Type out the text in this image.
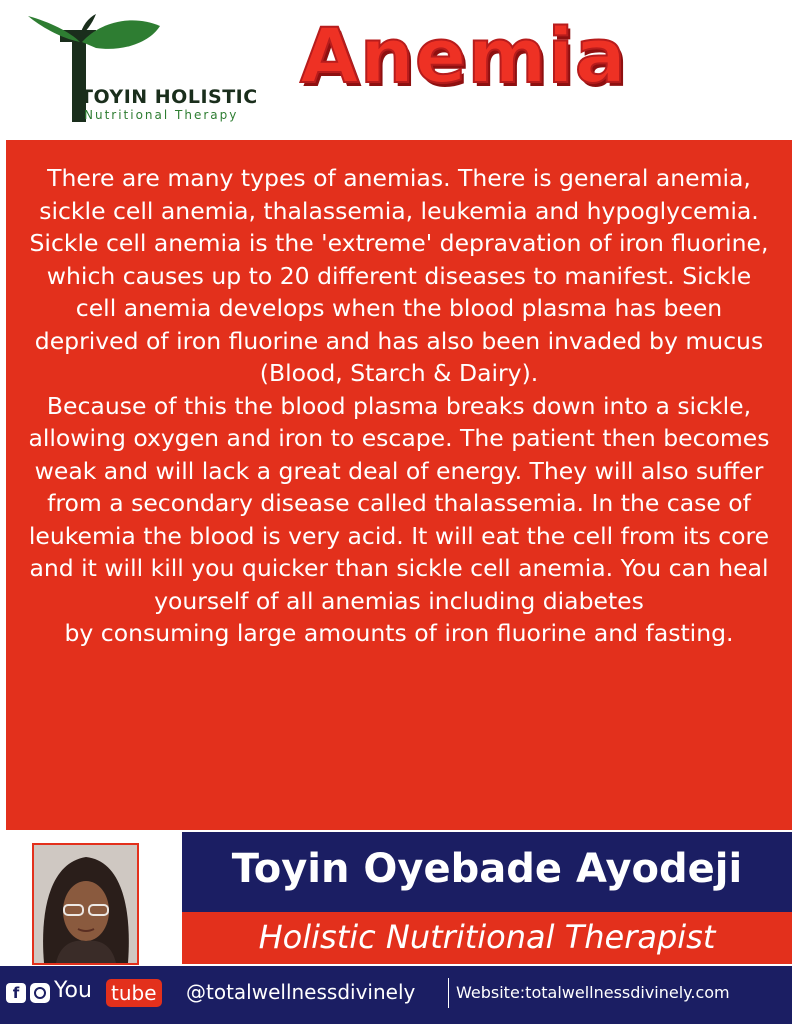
TOYIN HOLISTIC
Nutritional Therapy
Anemia

There are many types of anemias. There is general anemia, sickle cell anemia, thalassemia, leukemia and hypoglycemia. Sickle cell anemia is the 'extreme' depravation of iron fluorine, which causes up to 20 different diseases to manifest. Sickle cell anemia develops when the blood plasma has been deprived of iron fluorine and has also been invaded by mucus (Blood, Starch & Dairy).
Because of this the blood plasma breaks down into a sickle, allowing oxygen and iron to escape. The patient then becomes weak and will lack a great deal of energy. They will also suffer from a secondary disease called thalassemia. In the case of leukemia the blood is very acid. It will eat the cell from its core and it will kill you quicker than sickle cell anemia. You can heal yourself of all anemias including diabetes
by consuming large amounts of iron fluorine and fasting.

Toyin Oyebade Ayodeji
Holistic Nutritional Therapist
f	You tube @totalwellnessdivinely	Website:totalwellnessdivinely.com
